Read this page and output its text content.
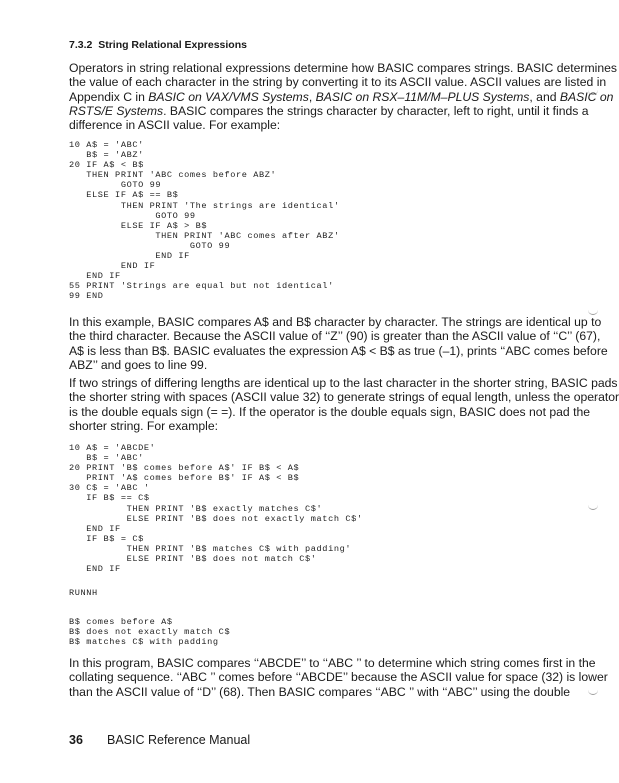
7.3.2  String Relational Expressions
Operators in string relational expressions determine how BASIC compares strings. BASIC determines
the value of each character in the string by converting it to its ASCII value. ASCII values are listed in
Appendix C in BASIC on VAX/VMS Systems, BASIC on RSX–11M/M–PLUS Systems, and BASIC on
RSTS/E Systems. BASIC compares the strings character by character, left to right, until it finds a
difference in ASCII value. For example:
10 A$ = 'ABC'
B$ = 'ABZ'
20 IF A$ < B$
THEN PRINT 'ABC comes before ABZ'
GOTO 99
ELSE IF A$ == B$
THEN PRINT 'The strings are identical'
GOTO 99
ELSE IF A$ > B$
THEN PRINT 'ABC comes after ABZ'
GOTO 99
END IF
END IF
END IF
55 PRINT 'Strings are equal but not identical'
99 END
In this example, BASIC compares A$ and B$ character by character. The strings are identical up to
the third character. Because the ASCII value of ‘‘Z’’ (90) is greater than the ASCII value of ‘‘C’’ (67),
A$ is less than B$. BASIC evaluates the expression A$ < B$ as true (–1), prints ‘‘ABC comes before
ABZ’’ and goes to line 99.
If two strings of differing lengths are identical up to the last character in the shorter string, BASIC pads
the shorter string with spaces (ASCII value 32) to generate strings of equal length, unless the operator
is the double equals sign (= =). If the operator is the double equals sign, BASIC does not pad the
shorter string. For example:
10 A$ = 'ABCDE'
B$ = 'ABC'
20 PRINT 'B$ comes before A$' IF B$ < A$
PRINT 'A$ comes before B$' IF A$ < B$
30 C$ = 'ABC '
IF B$ == C$
THEN PRINT 'B$ exactly matches C$'
ELSE PRINT 'B$ does not exactly match C$'
END IF
IF B$ = C$
THEN PRINT 'B$ matches C$ with padding'
ELSE PRINT 'B$ does not match C$'
END IF
RUNNH
B$ comes before A$
B$ does not exactly match C$
B$ matches C$ with padding
In this program, BASIC compares ‘‘ABCDE’’ to ‘‘ABC ’’ to determine which string comes first in the
collating sequence. ‘‘ABC ’’ comes before ‘‘ABCDE’’ because the ASCII value for space (32) is lower
than the ASCII value of ‘‘D’’ (68). Then BASIC compares ‘‘ABC ’’ with ‘‘ABC’’ using the double
36 BASIC Reference Manual
